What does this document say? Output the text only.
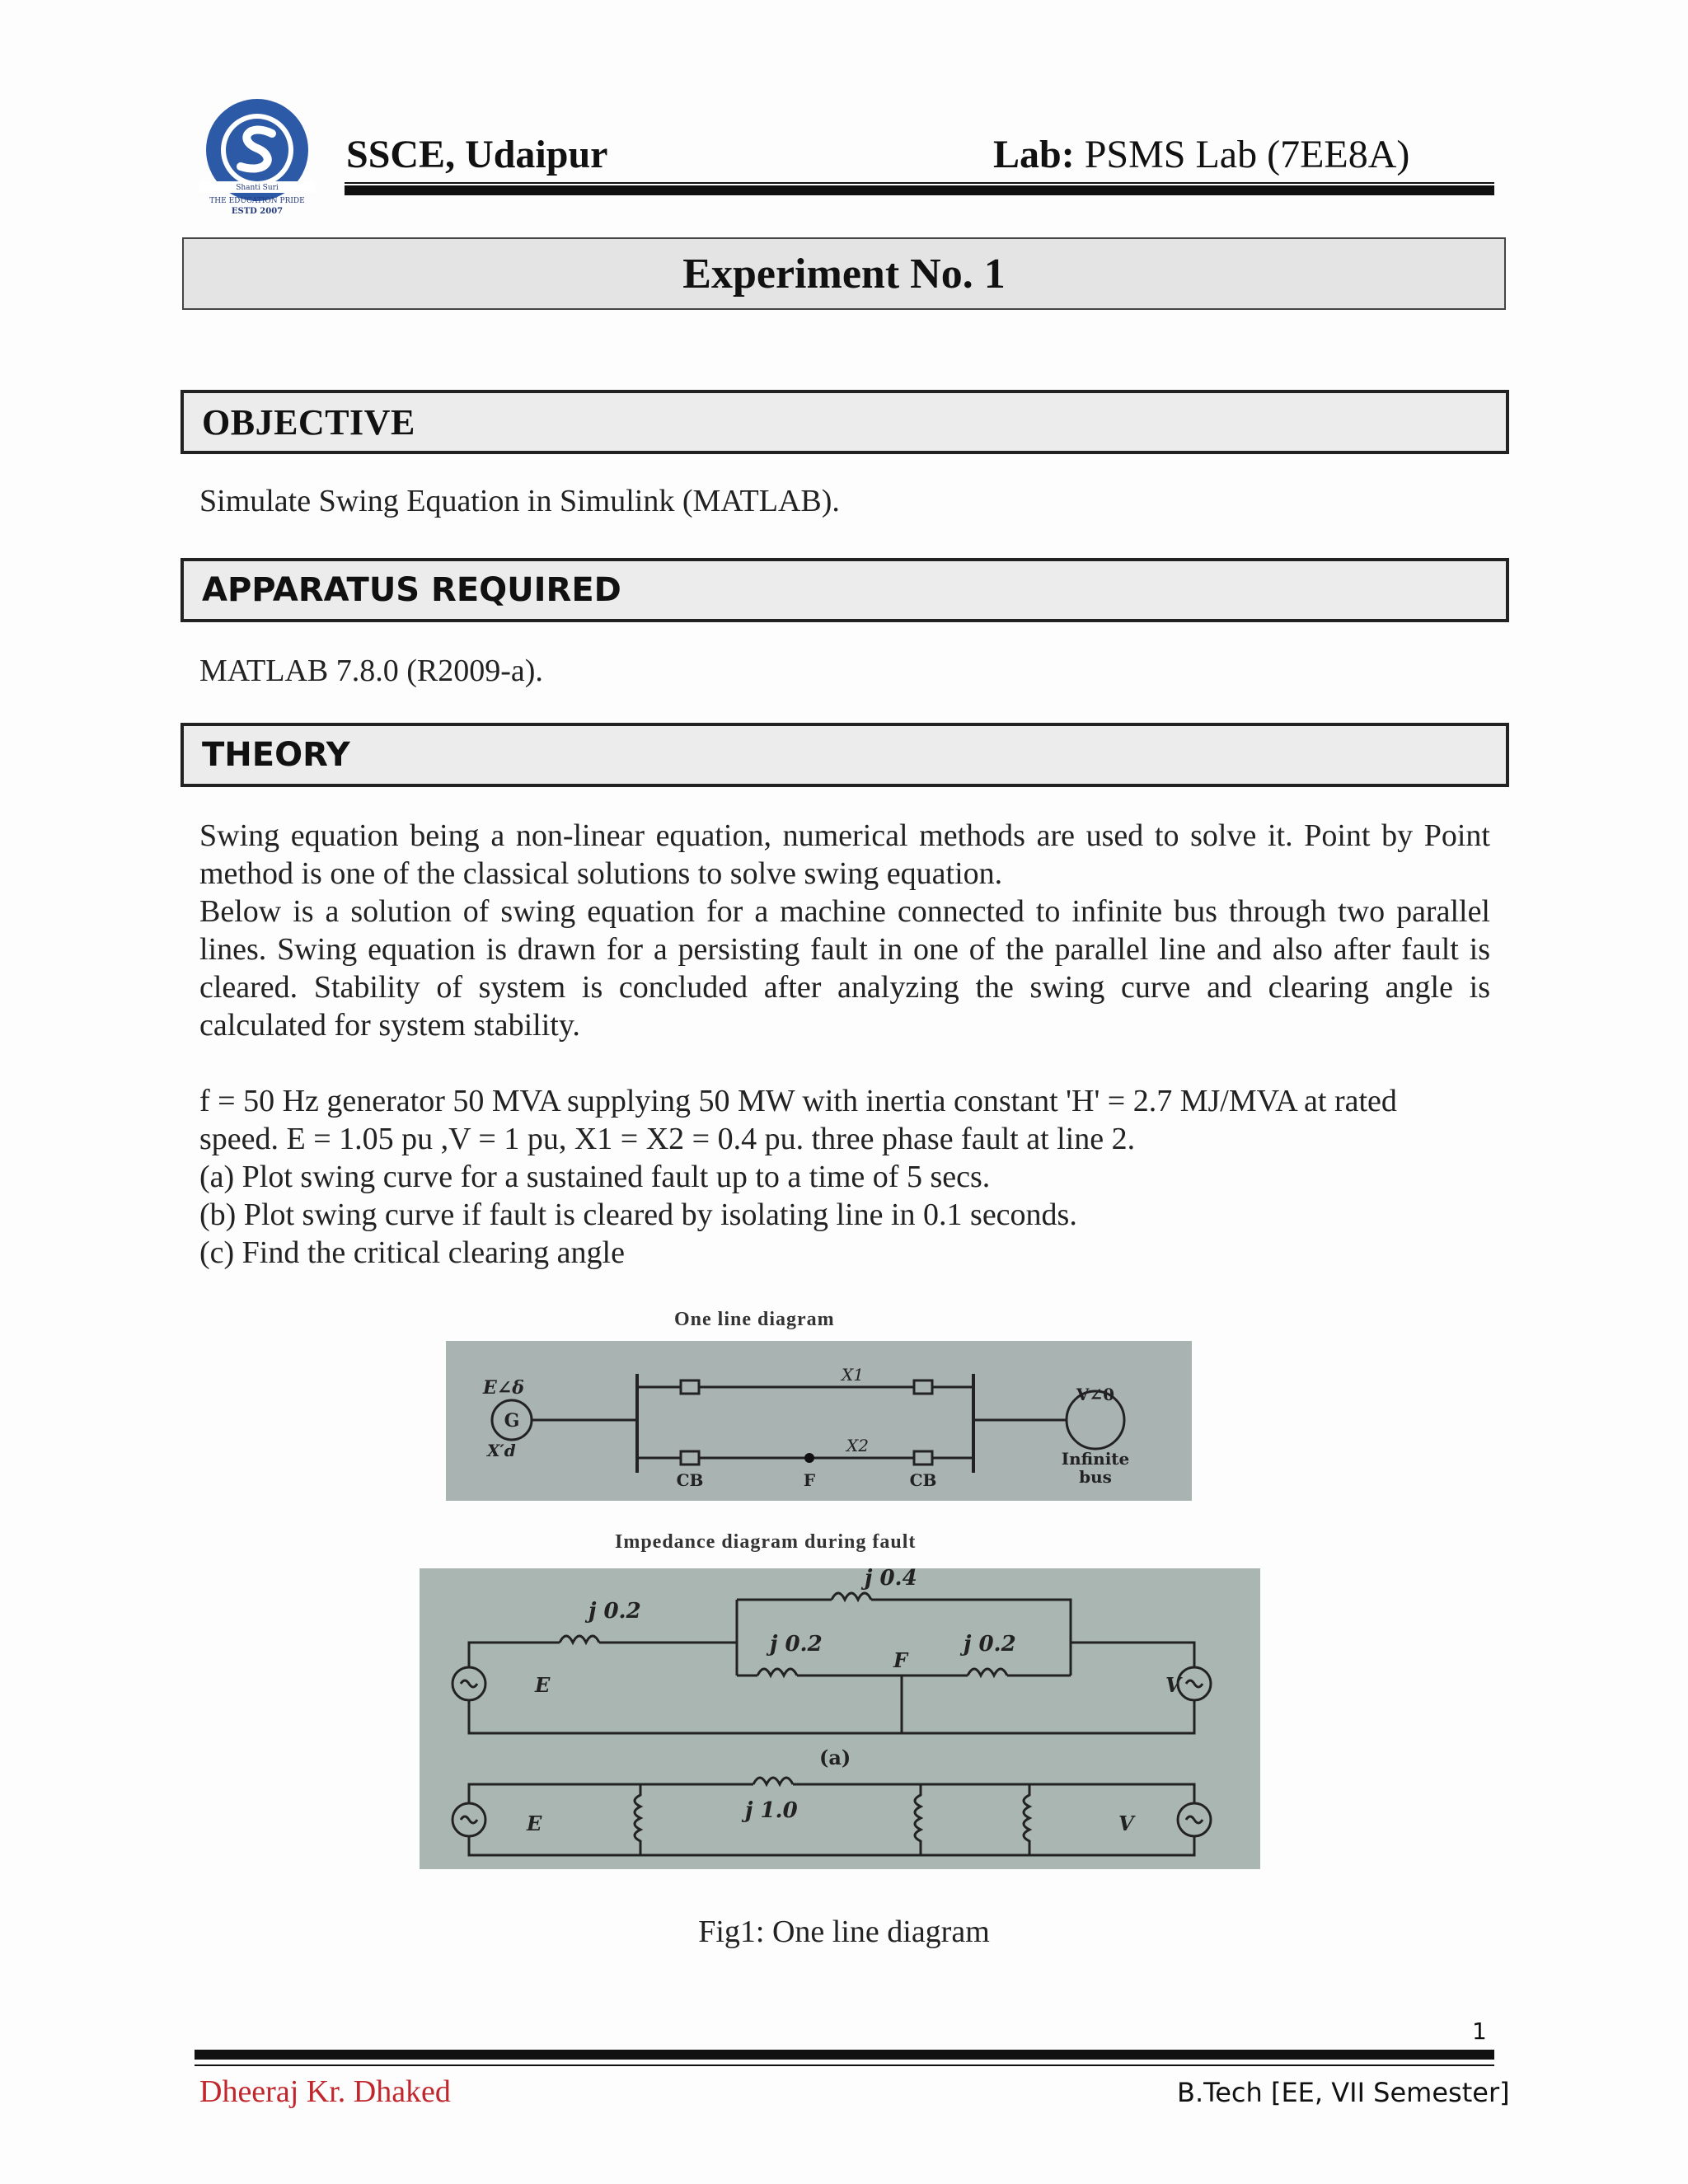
Shanti Suri
THE EDUCATION PRIDE
ESTD 2007
SSCE, Udaipur	Lab: PSMS Lab (7EE8A)
Experiment No. 1
OBJECTIVE
Simulate Swing Equation in Simulink (MATLAB).
APPARATUS REQUIRED
MATLAB 7.8.0 (R2009-a).
THEORY

Swing equation being a non-linear equation, numerical methods are used to solve it. Point by Point method is one of the classical solutions to solve swing equation.

Below is a solution of swing equation for a machine connected to infinite bus through two parallel lines. Swing equation is drawn for a persisting fault in one of the parallel line and also after fault is cleared. Stability of system is concluded after analyzing the swing curve and clearing angle is calculated for system stability.

f = 50 Hz generator 50 MVA supplying 50 MW with inertia constant 'H' = 2.7 MJ/MVA at rated
speed. E = 1.05 pu ,V = 1 pu, X1 = X2 = 0.4 pu. three phase fault at line 2.
(a) Plot swing curve for a sustained fault up to a time of 5 secs.
(b) Plot swing curve if fault is cleared by isolating line in 0.1 seconds.
(c) Find the critical clearing angle
One line diagram
G
E∠δ
X′d
X1
X2
CB	F	CB
V∠0
Infinite
bus
Impedance diagram during fault
j 0.2
j 0.4
j 0.2	j 0.2
F
E	V
(a)
j 1.0
E	V
Fig1: One line diagram
1
Dheeraj Kr. Dhaked	B.Tech [EE, VII Semester]
